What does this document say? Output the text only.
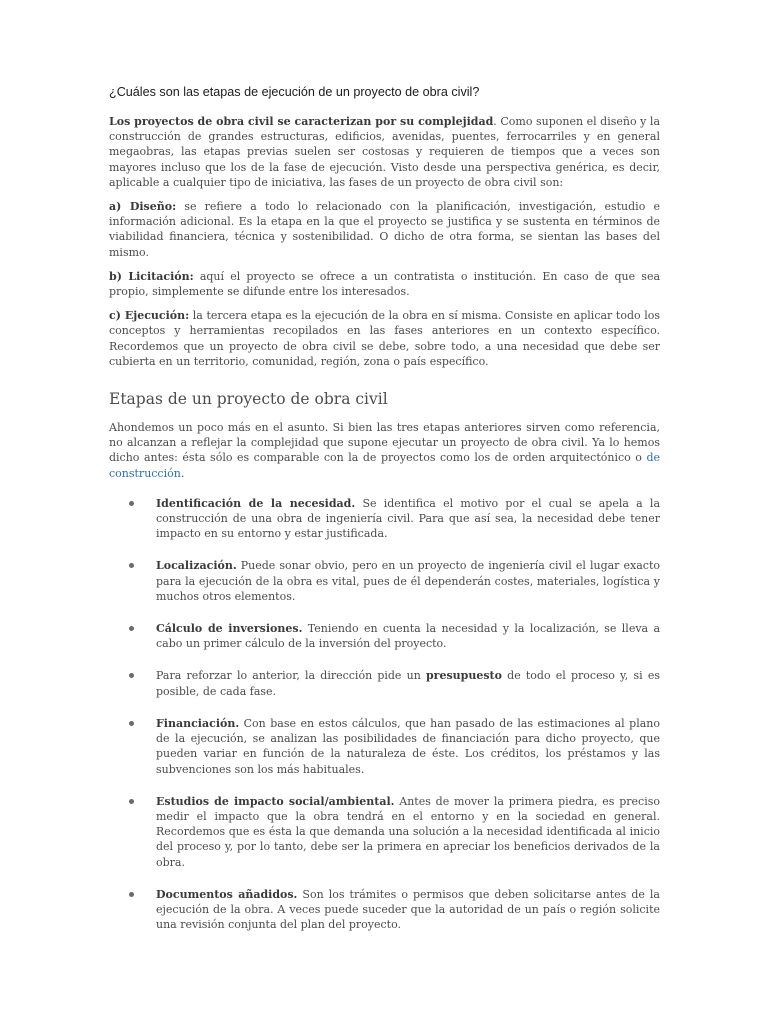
¿Cuáles son las etapas de ejecución de un proyecto de obra civil?

Los proyectos de obra civil se caracterizan por su complejidad. Como suponen el diseño y la construcción de grandes estructuras, edificios, avenidas, puentes, ferrocarriles y en general megaobras, las etapas previas suelen ser costosas y requieren de tiempos que a veces son mayores incluso que los de la fase de ejecución. Visto desde una perspectiva genérica, es decir, aplicable a cualquier tipo de iniciativa, las fases de un proyecto de obra civil son:

a) Diseño: se refiere a todo lo relacionado con la planificación, investigación, estudio e información adicional. Es la etapa en la que el proyecto se justifica y se sustenta en términos de viabilidad financiera, técnica y sostenibilidad. O dicho de otra forma, se sientan las bases del mismo.

b) Licitación: aquí el proyecto se ofrece a un contratista o institución. En caso de que sea propio, simplemente se difunde entre los interesados.

c) Ejecución: la tercera etapa es la ejecución de la obra en sí misma. Consiste en aplicar todo los conceptos y herramientas recopilados en las fases anteriores en un contexto específico. Recordemos que un proyecto de obra civil se debe, sobre todo, a una necesidad que debe ser cubierta en un territorio, comunidad, región, zona o país específico.

Etapas de un proyecto de obra civil

Ahondemos un poco más en el asunto. Si bien las tres etapas anteriores sirven como referencia, no alcanzan a reflejar la complejidad que supone ejecutar un proyecto de obra civil. Ya lo hemos dicho antes: ésta sólo es comparable con la de proyectos como los de orden arquitectónico o de construcción.

Identificación de la necesidad. Se identifica el motivo por el cual se apela a la construcción de una obra de ingeniería civil. Para que así sea, la necesidad debe tener impacto en su entorno y estar justificada.
Localización. Puede sonar obvio, pero en un proyecto de ingeniería civil el lugar exacto para la ejecución de la obra es vital, pues de él dependerán costes, materiales, logística y muchos otros elementos.
Cálculo de inversiones. Teniendo en cuenta la necesidad y la localización, se lleva a cabo un primer cálculo de la inversión del proyecto.
Para reforzar lo anterior, la dirección pide un presupuesto de todo el proceso y, si es posible, de cada fase.
Financiación. Con base en estos cálculos, que han pasado de las estimaciones al plano de la ejecución, se analizan las posibilidades de financiación para dicho proyecto, que pueden variar en función de la naturaleza de éste. Los créditos, los préstamos y las subvenciones son los más habituales.
Estudios de impacto social/ambiental. Antes de mover la primera piedra, es preciso medir el impacto que la obra tendrá en el entorno y en la sociedad en general. Recordemos que es ésta la que demanda una solución a la necesidad identificada al inicio del proceso y, por lo tanto, debe ser la primera en apreciar los beneficios derivados de la obra.
Documentos añadidos. Son los trámites o permisos que deben solicitarse antes de la ejecución de la obra. A veces puede suceder que la autoridad de un país o región solicite una revisión conjunta del plan del proyecto.
